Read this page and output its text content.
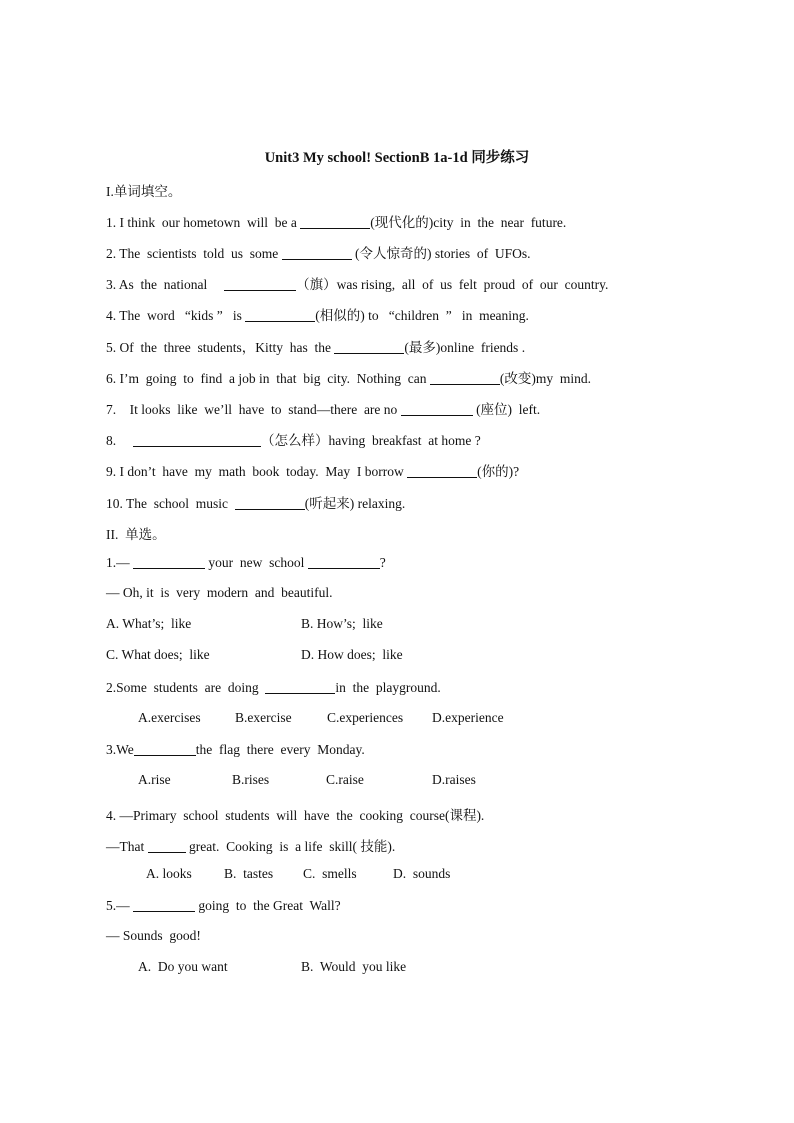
Unit3 My school! SectionB 1a-1d 同步练习
I.单词填空。
1. I think  our hometown  will  be a	(现代化的)city  in  the  near  future.
2. The  scientists  told  us  some	(令人惊奇的) stories  of  UFOs.
3. As  the  national	（旗）was rising,  all  of  us  felt  proud  of  our  country.
4. The  word   “kids ”   is	(相似的) to   “children  ”   in  meaning.
5. Of  the  three  students，Kitty  has  the	(最多)online  friends .
6. I’m  going  to  find  a job in  that  big  city.  Nothing  can	(改变)my  mind.
7.    It looks  like  we’ll  have  to  stand—there  are no	(座位)  left.
8.	（怎么样）having  breakfast  at home ?
9. I don’t  have  my  math  book  today.  May  I borrow	(你的)?
10. The  school  music	(听起来) relaxing.
II.  单选。
1.—	your  new  school	?
— Oh, it  is  very  modern  and  beautiful.
A. What’s;  like	B. How’s;  like
C. What does;  like	D. How does;  like
2.Some  students  are  doing	in  the  playground.
A.exercises	B.exercise	C.experiences D.experience
3.We	the  flag  there  every  Monday.
A.rise	B.rises	C.raise	D.raises
4. —Primary  school  students  will  have  the  cooking  course(课程).
—That	great.  Cooking  is  a life  skill( 技能).
A. looks B.  tastes C.  smells	D.  sounds
5.—	going  to  the Great  Wall?
— Sounds  good!
A.  Do you want	B.  Would  you like
